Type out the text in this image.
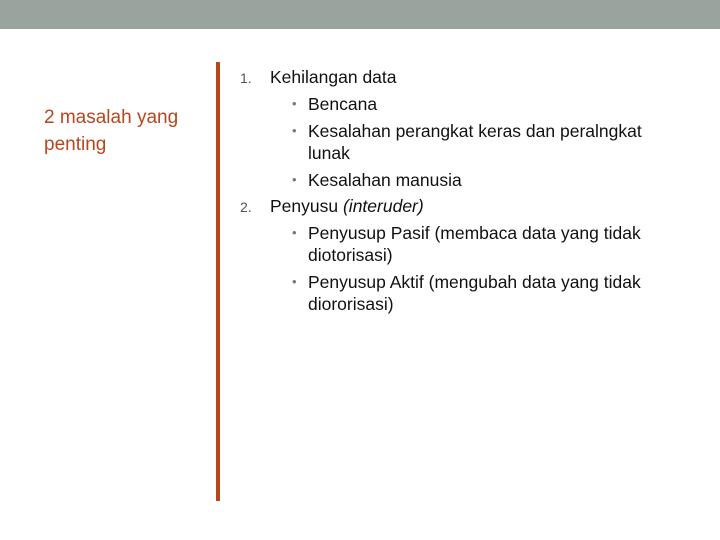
2 masalah yang penting
1. Kehilangan data
• Bencana
• Kesalahan perangkat keras dan peralngkat lunak
• Kesalahan manusia
2. Penyusu (interuder)
• Penyusup Pasif (membaca data yang tidak diotorisasi)
• Penyusup Aktif (mengubah data yang tidak diororisasi)
